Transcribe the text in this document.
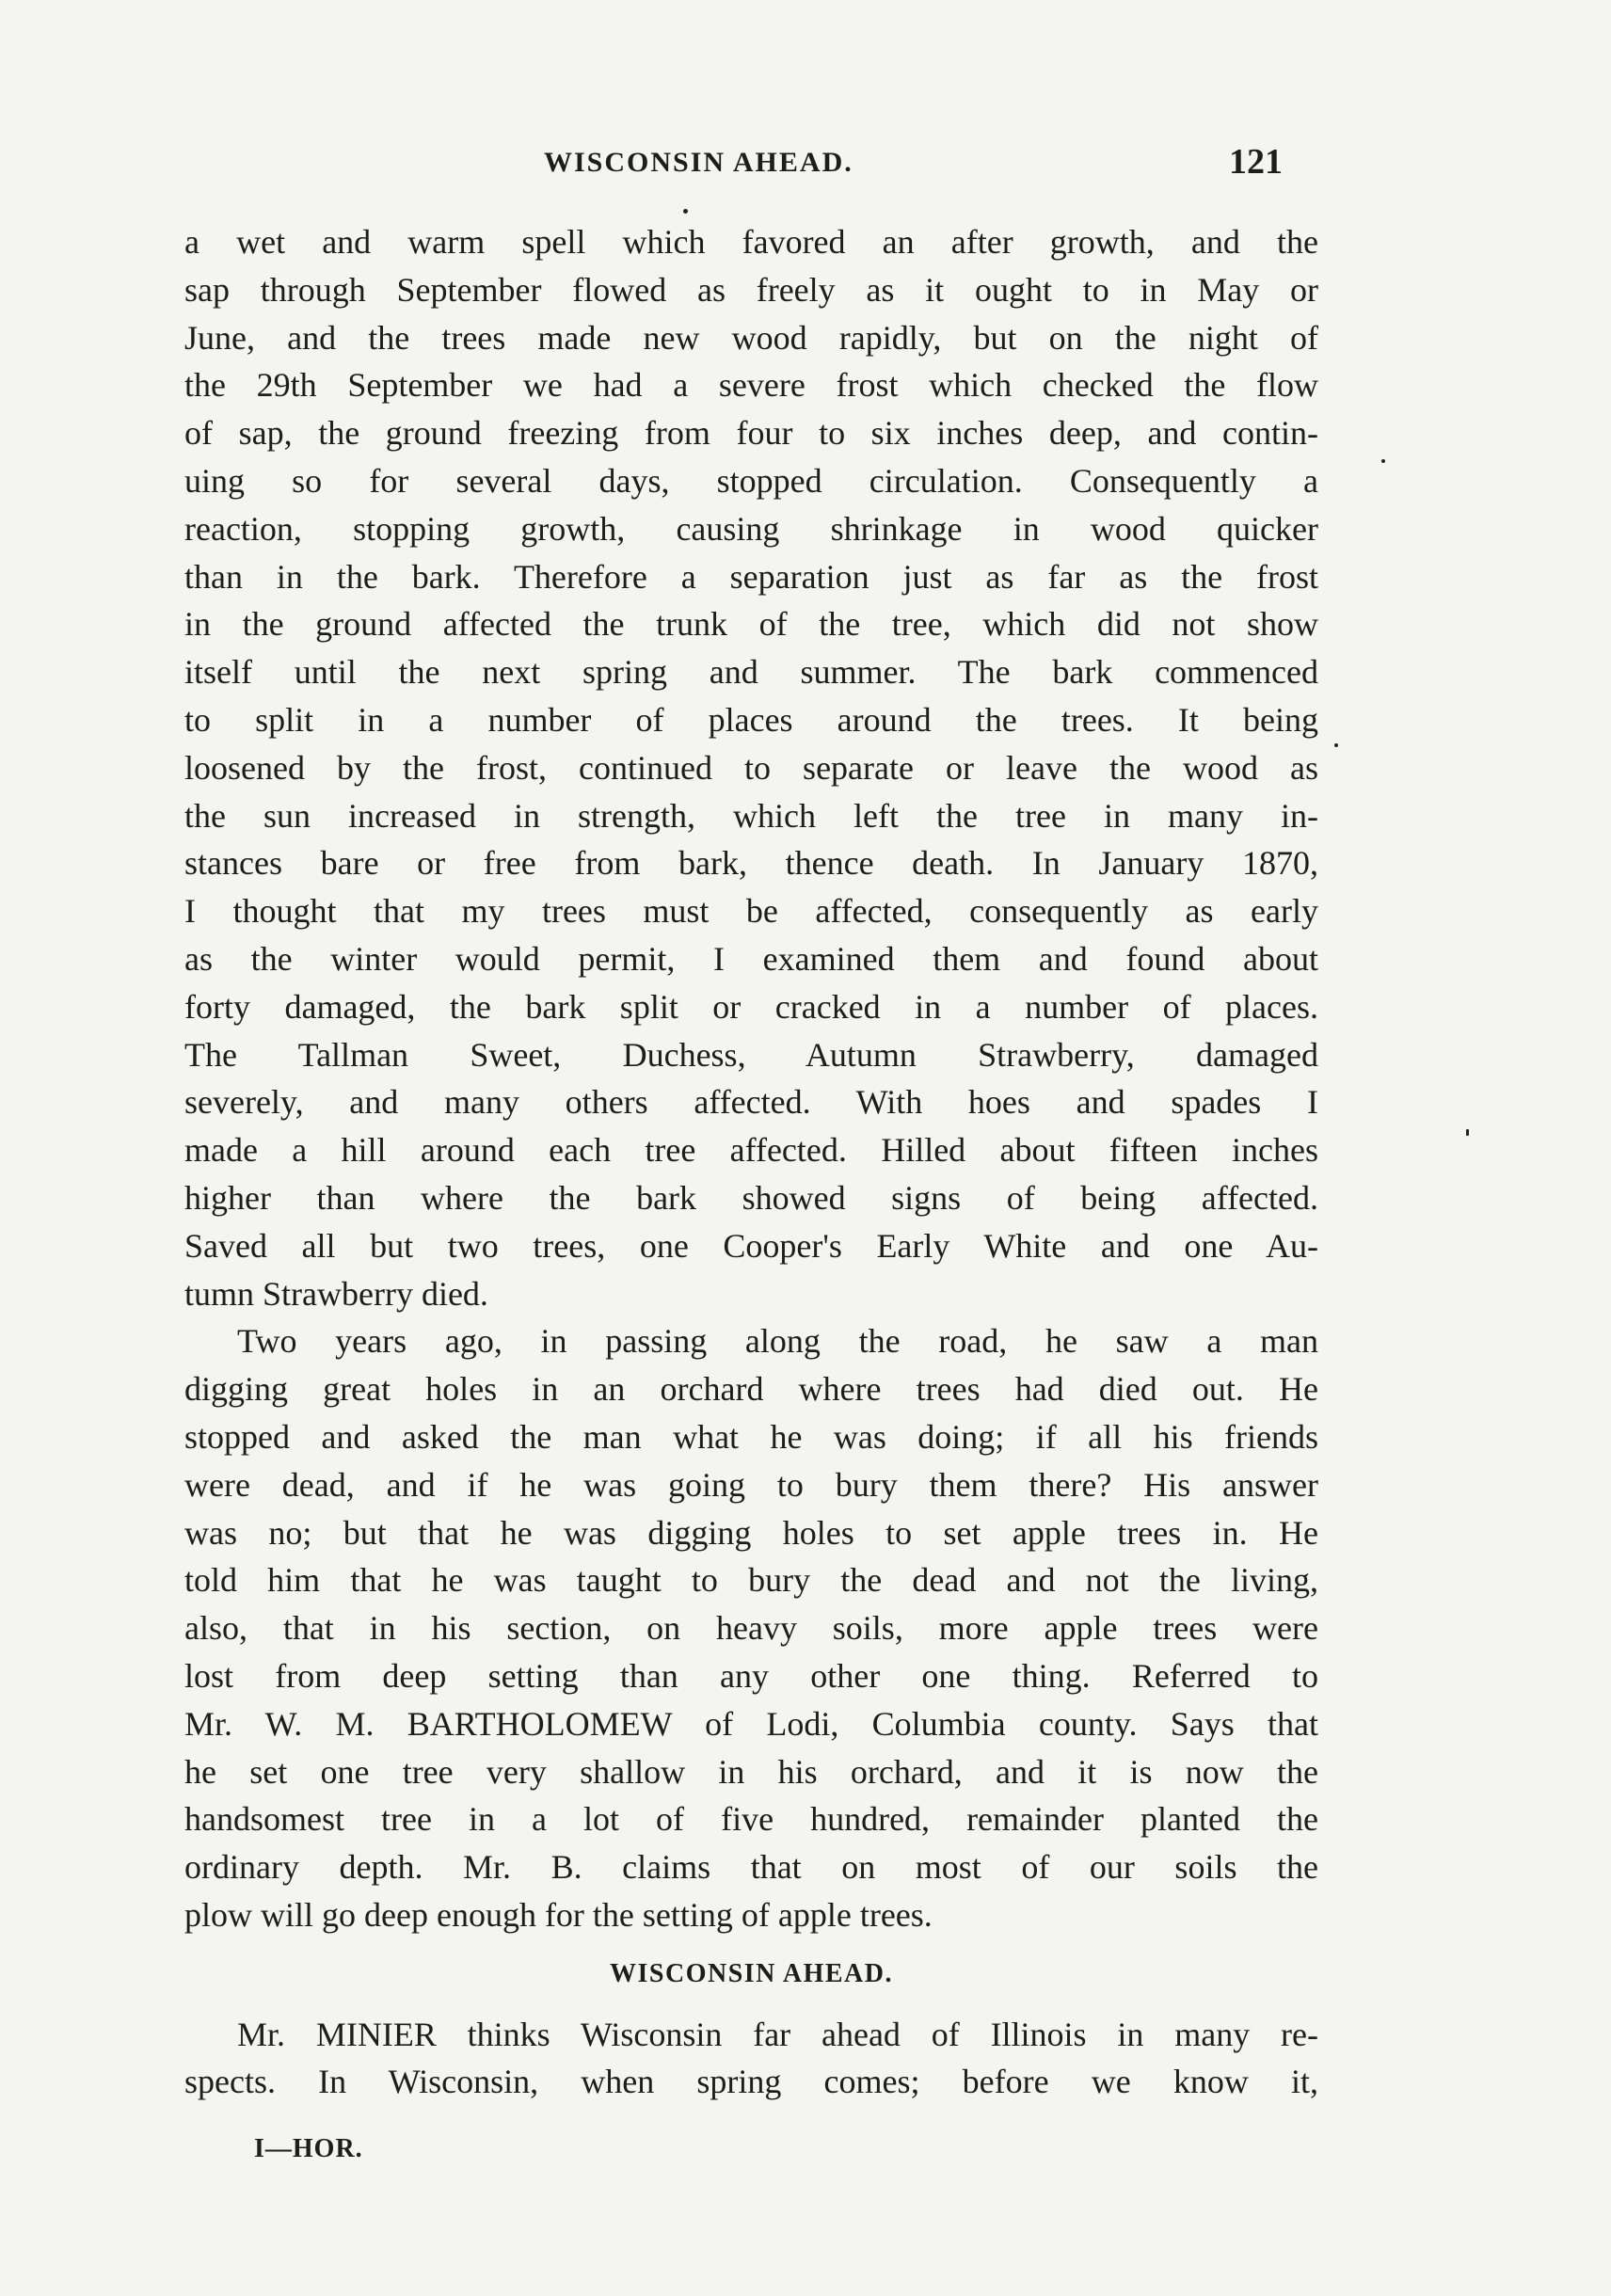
WISCONSIN AHEAD.	121
a wet and warm spell which favored an after growth, and the
sap through September flowed as freely as it ought to in May or
June, and the trees made new wood rapidly, but on the night of
the 29th September we had a severe frost which checked the flow
of sap, the ground freezing from four to six inches deep, and contin-
uing so for several days, stopped circulation. Consequently a
reaction, stopping growth, causing shrinkage in wood quicker
than in the bark. Therefore a separation just as far as the frost
in the ground affected the trunk of the tree, which did not show
itself until the next spring and summer. The bark commenced
to split in a number of places around the trees. It being
loosened by the frost, continued to separate or leave the wood as
the sun increased in strength, which left the tree in many in-
stances bare or free from bark, thence death. In January 1870,
I thought that my trees must be affected, consequently as early
as the winter would permit, I examined them and found about
forty damaged, the bark split or cracked in a number of places.
The Tallman Sweet, Duchess, Autumn Strawberry, damaged
severely, and many others affected. With hoes and spades I
made a hill around each tree affected. Hilled about fifteen inches
higher than where the bark showed signs of being affected.
Saved all but two trees, one Cooper's Early White and one Au-
tumn Strawberry died.
Two years ago, in passing along the road, he saw a man
digging great holes in an orchard where trees had died out. He
stopped and asked the man what he was doing; if all his friends
were dead, and if he was going to bury them there? His answer
was no; but that he was digging holes to set apple trees in. He
told him that he was taught to bury the dead and not the living,
also, that in his section, on heavy soils, more apple trees were
lost from deep setting than any other one thing. Referred to
Mr. W. M. BARTHOLOMEW of Lodi, Columbia county. Says that
he set one tree very shallow in his orchard, and it is now the
handsomest tree in a lot of five hundred, remainder planted the
ordinary depth. Mr. B. claims that on most of our soils the
plow will go deep enough for the setting of apple trees.
WISCONSIN AHEAD.
Mr. MINIER thinks Wisconsin far ahead of Illinois in many re-
spects. In Wisconsin, when spring comes; before we know it,
I—HOR.
